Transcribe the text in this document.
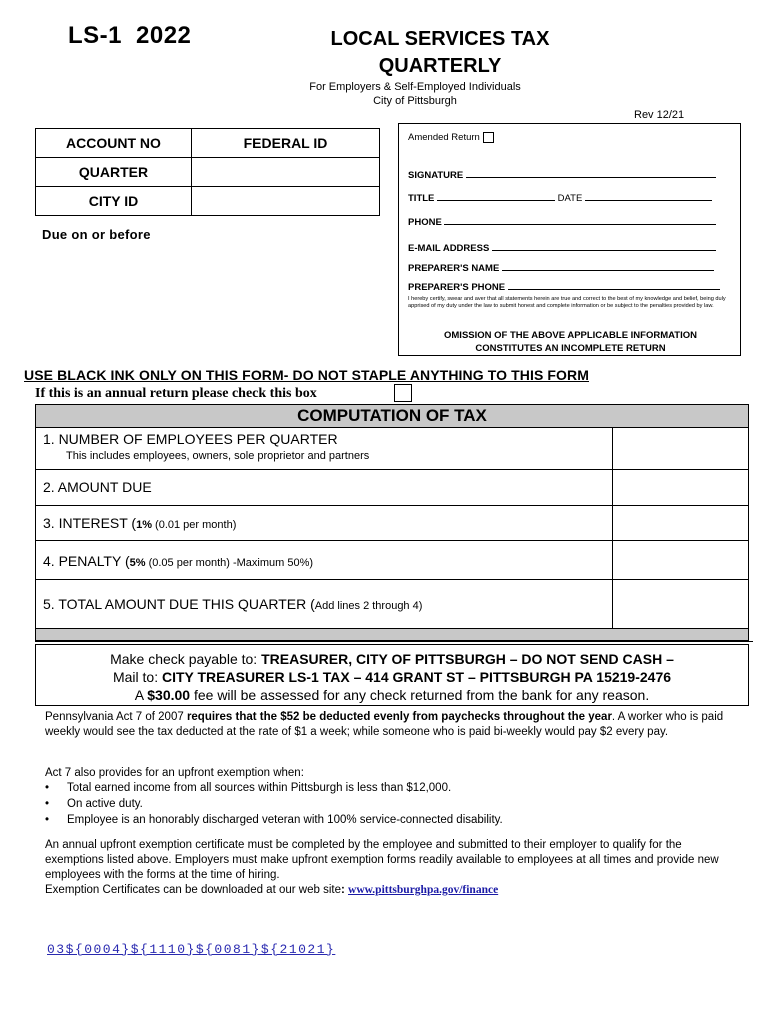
LS-1 2022	LOCAL SERVICES TAX
QUARTERLY
For Employers & Self-Employed Individuals
City of Pittsburgh
Rev 12/21
ACCOUNT NO	FEDERAL ID
QUARTER	
CITY ID	
Due on or before
Amended Return
SIGNATURE
TITLE	DATE
PHONE
E-MAIL ADDRESS
PREPARER'S NAME
PREPARER'S PHONE
I hereby certify, swear and aver that all statements herein are true and correct to the best of my knowledge and belief, being duly apprised of my duty under the law to submit honest and complete information or be subject to the penalties provided by law.
OMISSION OF THE ABOVE APPLICABLE INFORMATION
CONSTITUTES AN INCOMPLETE RETURN
USE BLACK INK ONLY ON THIS FORM- DO NOT STAPLE ANYTHING TO THIS FORM
If this is an annual return please check this box
COMPUTATION OF TAX
1. NUMBER OF EMPLOYEES PER QUARTER
This includes employees, owners, sole proprietor and partners
2. AMOUNT DUE
3. INTEREST (1% (0.01 per month)
4. PENALTY (5% (0.05 per month) -Maximum 50%)
5. TOTAL AMOUNT DUE THIS QUARTER (Add lines 2 through 4)
Make check payable to: TREASURER, CITY OF PITTSBURGH – DO NOT SEND CASH –
Mail to: CITY TREASURER LS-1 TAX – 414 GRANT ST – PITTSBURGH PA 15219-2476
A $30.00 fee will be assessed for any check returned from the bank for any reason.

Pennsylvania Act 7 of 2007 requires that the $52 be deducted evenly from paychecks throughout the year. A worker who is paid weekly would see the tax deducted at the rate of $1 a week; while someone who is paid bi-weekly would pay $2 every pay.

Act 7 also provides for an upfront exemption when:
• Total earned income from all sources within Pittsburgh is less than $12,000.
• On active duty.
• Employee is an honorably discharged veteran with 100% service-connected disability.
An annual upfront exemption certificate must be completed by the employee and submitted to their employer to qualify for the exemptions listed above. Employers must make upfront exemption forms readily available to employees at all times and provide new employees with the forms at the time of hiring.
Exemption Certificates can be downloaded at our web site: www.pittsburghpa.gov/finance
03${0004}${1110}${0081}${21021}
